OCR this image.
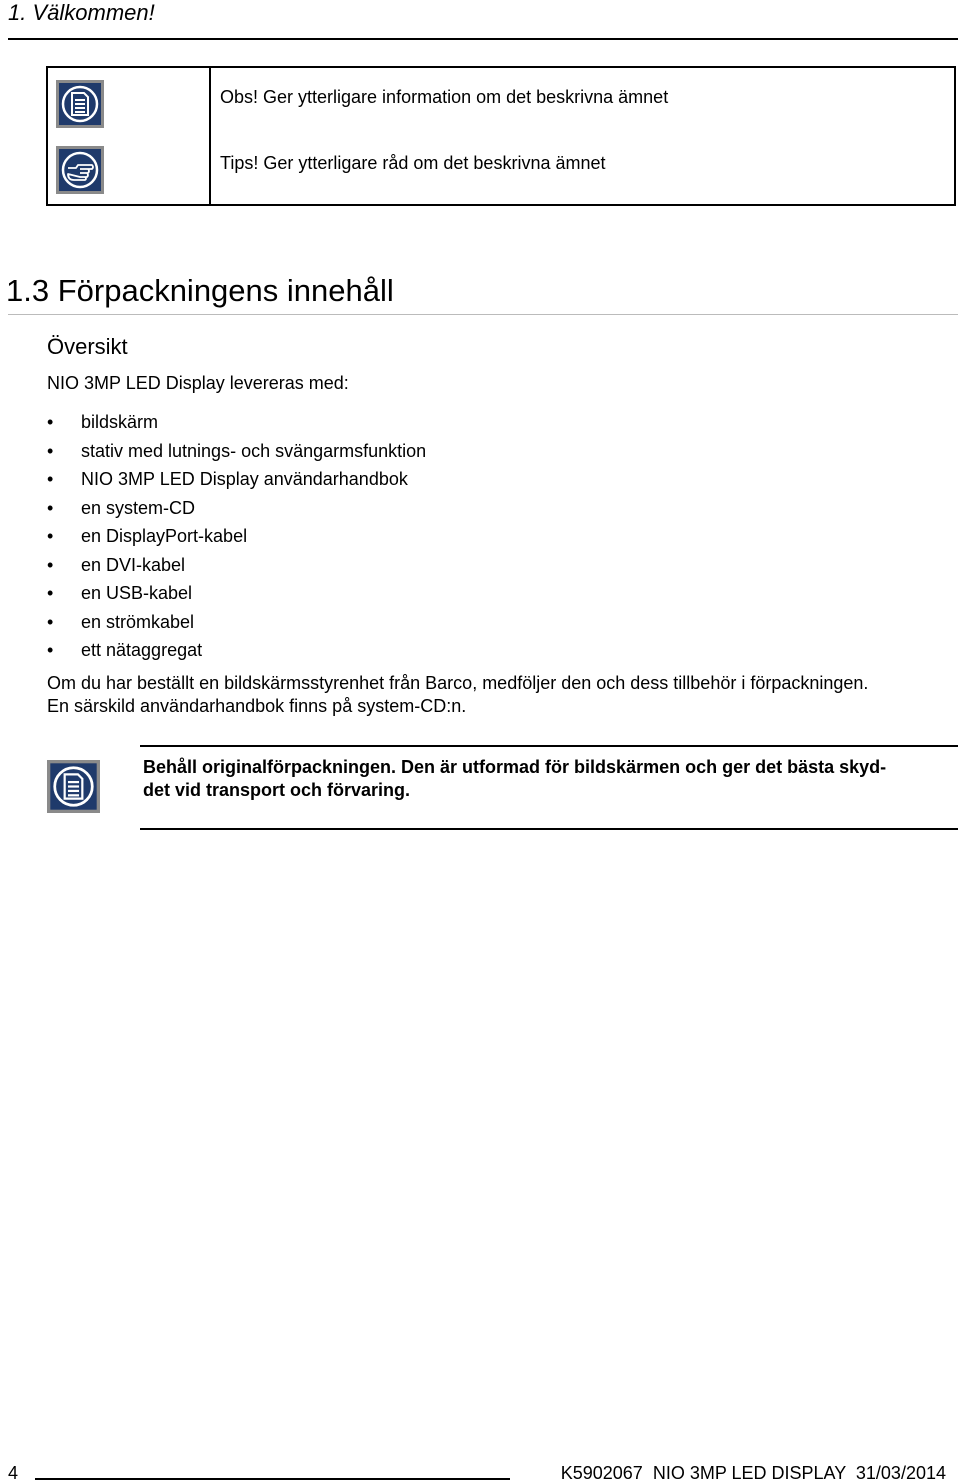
1. Välkommen!
Obs! Ger ytterligare information om det beskrivna ämnet
Tips! Ger ytterligare råd om det beskrivna ämnet
1.3 Förpackningens innehåll
Översikt
NIO 3MP LED Display levereras med:
• bildskärm
• stativ med lutnings- och svängarmsfunktion
• NIO 3MP LED Display användarhandbok
• en system-CD
• en DisplayPort-kabel
• en DVI-kabel
• en USB-kabel
• en strömkabel
• ett nätaggregat
Om du har beställt en bildskärmsstyrenhet från Barco, medföljer den och dess tillbehör i förpackningen.
En särskild användarhandbok finns på system-CD:n.
Behåll originalförpackningen. Den är utformad för bildskärmen och ger det bästa skyd-
det vid transport och förvaring.
4	K5902067  NIO 3MP LED DISPLAY  31/03/2014
